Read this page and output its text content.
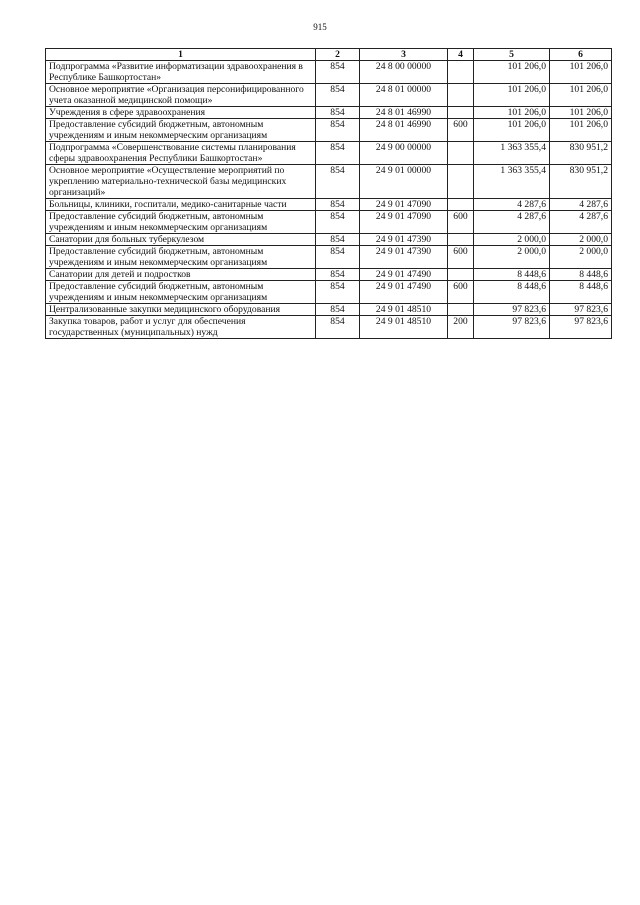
915
1	2	3	4	5	6
Подпрограмма «Развитие информатизации здравоохранения в Республике Башкортостан»	854	24 8 00 00000		101 206,0	101 206,0
Основное мероприятие «Организация персонифицированного учета оказанной медицинской помощи»	854	24 8 01 00000		101 206,0	101 206,0
Учреждения в сфере здравоохранения	854	24 8 01 46990		101 206,0	101 206,0
Предоставление субсидий бюджетным, автономным учреждениям и иным некоммерческим организациям	854	24 8 01 46990	600	101 206,0	101 206,0
Подпрограмма «Совершенствование системы планирования сферы здравоохранения Республики Башкортостан»	854	24 9 00 00000		1 363 355,4	830 951,2
Основное мероприятие «Осуществление мероприятий по укреплению материально-технической базы медицинских организаций»	854	24 9 01 00000		1 363 355,4	830 951,2
Больницы, клиники, госпитали, медико-санитарные части	854	24 9 01 47090		4 287,6	4 287,6
Предоставление субсидий бюджетным, автономным учреждениям и иным некоммерческим организациям	854	24 9 01 47090	600	4 287,6	4 287,6
Санатории для больных туберкулезом	854	24 9 01 47390		2 000,0	2 000,0
Предоставление субсидий бюджетным, автономным учреждениям и иным некоммерческим организациям	854	24 9 01 47390	600	2 000,0	2 000,0
Санатории для детей и подростков	854	24 9 01 47490		8 448,6	8 448,6
Предоставление субсидий бюджетным, автономным учреждениям и иным некоммерческим организациям	854	24 9 01 47490	600	8 448,6	8 448,6
Централизованные закупки медицинского оборудования	854	24 9 01 48510		97 823,6	97 823,6
Закупка товаров, работ и услуг для обеспечения государственных (муниципальных) нужд	854	24 9 01 48510	200	97 823,6	97 823,6
